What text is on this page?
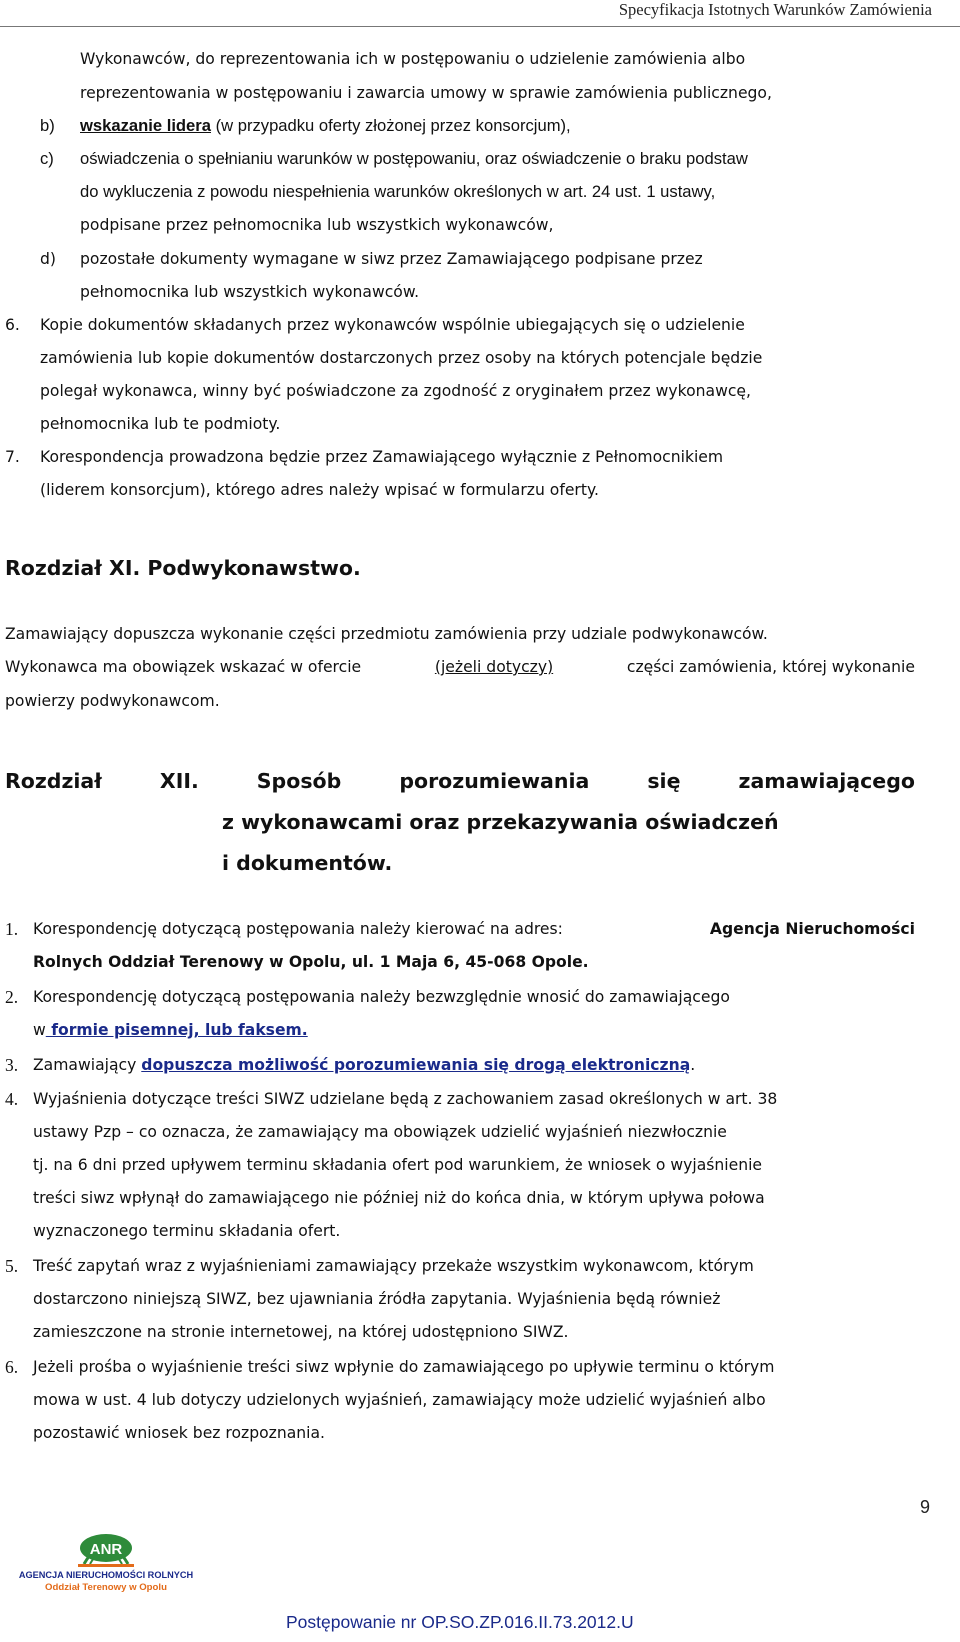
Specyfikacja Istotnych Warunków Zamówienia
Wykonawców, do reprezentowania ich w postępowaniu o udzielenie zamówienia albo
reprezentowania w postępowaniu i zawarcia umowy w sprawie zamówienia publicznego,
b) wskazanie lidera (w przypadku oferty złożonej przez konsorcjum),
c) oświadczenia o spełnianiu warunków w postępowaniu, oraz oświadczenie o braku podstaw
do wykluczenia z powodu niespełnienia warunków określonych w art. 24 ust. 1 ustawy,
podpisane przez pełnomocnika lub wszystkich wykonawców,
d) pozostałe dokumenty wymagane w siwz przez Zamawiającego podpisane przez
pełnomocnika lub wszystkich wykonawców.
6. Kopie dokumentów składanych przez wykonawców wspólnie ubiegających się o udzielenie
zamówienia lub kopie dokumentów dostarczonych przez osoby na których potencjale będzie
polegał wykonawca, winny być poświadczone za zgodność z oryginałem przez wykonawcę,
pełnomocnika lub te podmioty.
7. Korespondencja prowadzona będzie przez Zamawiającego wyłącznie z Pełnomocnikiem
(liderem konsorcjum), którego adres należy wpisać w formularzu oferty.
Rozdział XI. Podwykonawstwo.
Zamawiający dopuszcza wykonanie części przedmiotu zamówienia przy udziale podwykonawców.
Wykonawca ma obowiązek wskazać w ofercie	(jeżeli dotyczy)	części zamówienia, której wykonanie
powierzy podwykonawcom.
Rozdział	XII.	Sposób	porozumiewania	się	zamawiającego
z wykonawcami oraz przekazywania oświadczeń
i dokumentów.
1. Korespondencję dotyczącą postępowania należy kierować na adres:	Agencja Nieruchomości
Rolnych Oddział Terenowy w Opolu, ul. 1 Maja 6, 45-068 Opole.
2. Korespondencję dotyczącą postępowania należy bezwzględnie wnosić do zamawiającego
w formie pisemnej, lub faksem.
3. Zamawiający dopuszcza możliwość porozumiewania się drogą elektroniczną.
4. Wyjaśnienia dotyczące treści SIWZ udzielane będą z zachowaniem zasad określonych w art. 38
ustawy Pzp – co oznacza, że zamawiający ma obowiązek udzielić wyjaśnień niezwłocznie
tj. na 6 dni przed upływem terminu składania ofert pod warunkiem, że wniosek o wyjaśnienie
treści siwz wpłynął do zamawiającego nie później niż do końca dnia, w którym upływa połowa
wyznaczonego terminu składania ofert.
5. Treść zapytań wraz z wyjaśnieniami zamawiający przekaże wszystkim wykonawcom, którym
dostarczono niniejszą SIWZ, bez ujawniania źródła zapytania. Wyjaśnienia będą również
zamieszczone na stronie internetowej, na której udostępniono SIWZ.
6. Jeżeli prośba o wyjaśnienie treści siwz wpłynie do zamawiającego po upływie terminu o którym
mowa w ust. 4 lub dotyczy udzielonych wyjaśnień, zamawiający może udzielić wyjaśnień albo
pozostawić wniosek bez rozpoznania.
9
ANR
AGENCJA NIERUCHOMOŚCI ROLNYCH
Oddział Terenowy w Opolu
Postępowanie nr OP.SO.ZP.016.II.73.2012.U
